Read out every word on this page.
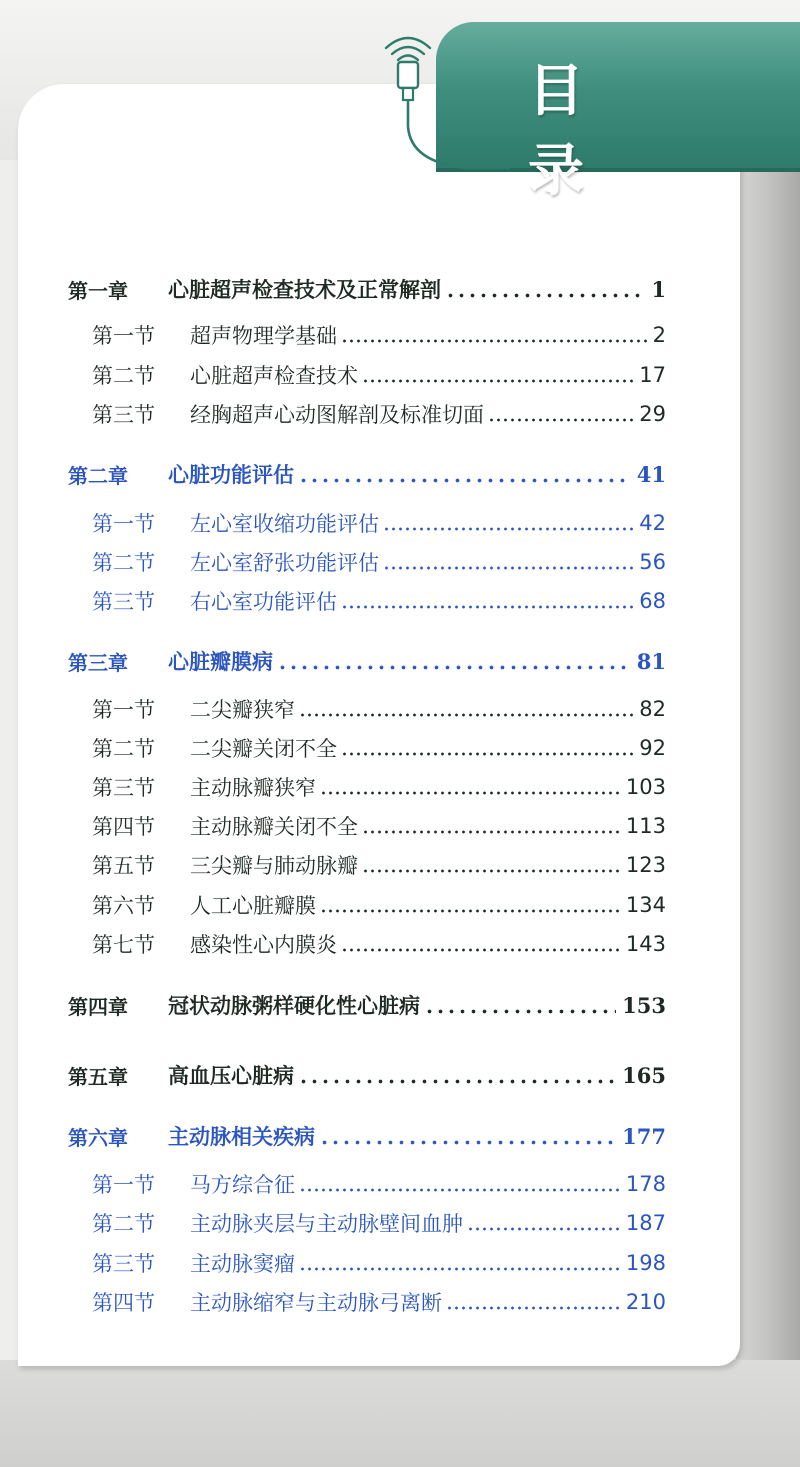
目 录
第一章	心脏超声检查技术及正常解剖	1
第一节	超声物理学基础	2
第二节	心脏超声检查技术	17
第三节	经胸超声心动图解剖及标准切面	29
第二章	心脏功能评估	41
第一节	左心室收缩功能评估	42
第二节	左心室舒张功能评估	56
第三节	右心室功能评估	68
第三章	心脏瓣膜病	81
第一节	二尖瓣狭窄	82
第二节	二尖瓣关闭不全	92
第三节	主动脉瓣狭窄	103
第四节	主动脉瓣关闭不全	113
第五节	三尖瓣与肺动脉瓣	123
第六节	人工心脏瓣膜	134
第七节	感染性心内膜炎	143
第四章	冠状动脉粥样硬化性心脏病	153
第五章	高血压心脏病	165
第六章	主动脉相关疾病	177
第一节	马方综合征	178
第二节	主动脉夹层与主动脉壁间血肿	187
第三节	主动脉窦瘤	198
第四节	主动脉缩窄与主动脉弓离断	210
